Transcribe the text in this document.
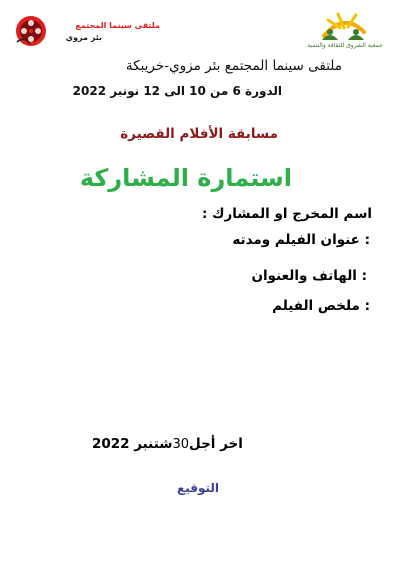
ملتقى سينما المجتمع
بئر مزوي
جمعية الشروق للثقافة والتنمية
ملتقى سينما المجتمع بئر مزوي-خريبكة
الدورة 6 من 10 الى 12 نونبر 2022
مسابقة الأفلام القصيرة
استمارة المشاركة
اسم المخرج او المشارك :
: عنوان الفيلم ومدته
: الهاتف والعنوان
: ملخص الفيلم
شتنبر 202230اخر أجل
التوقيع
